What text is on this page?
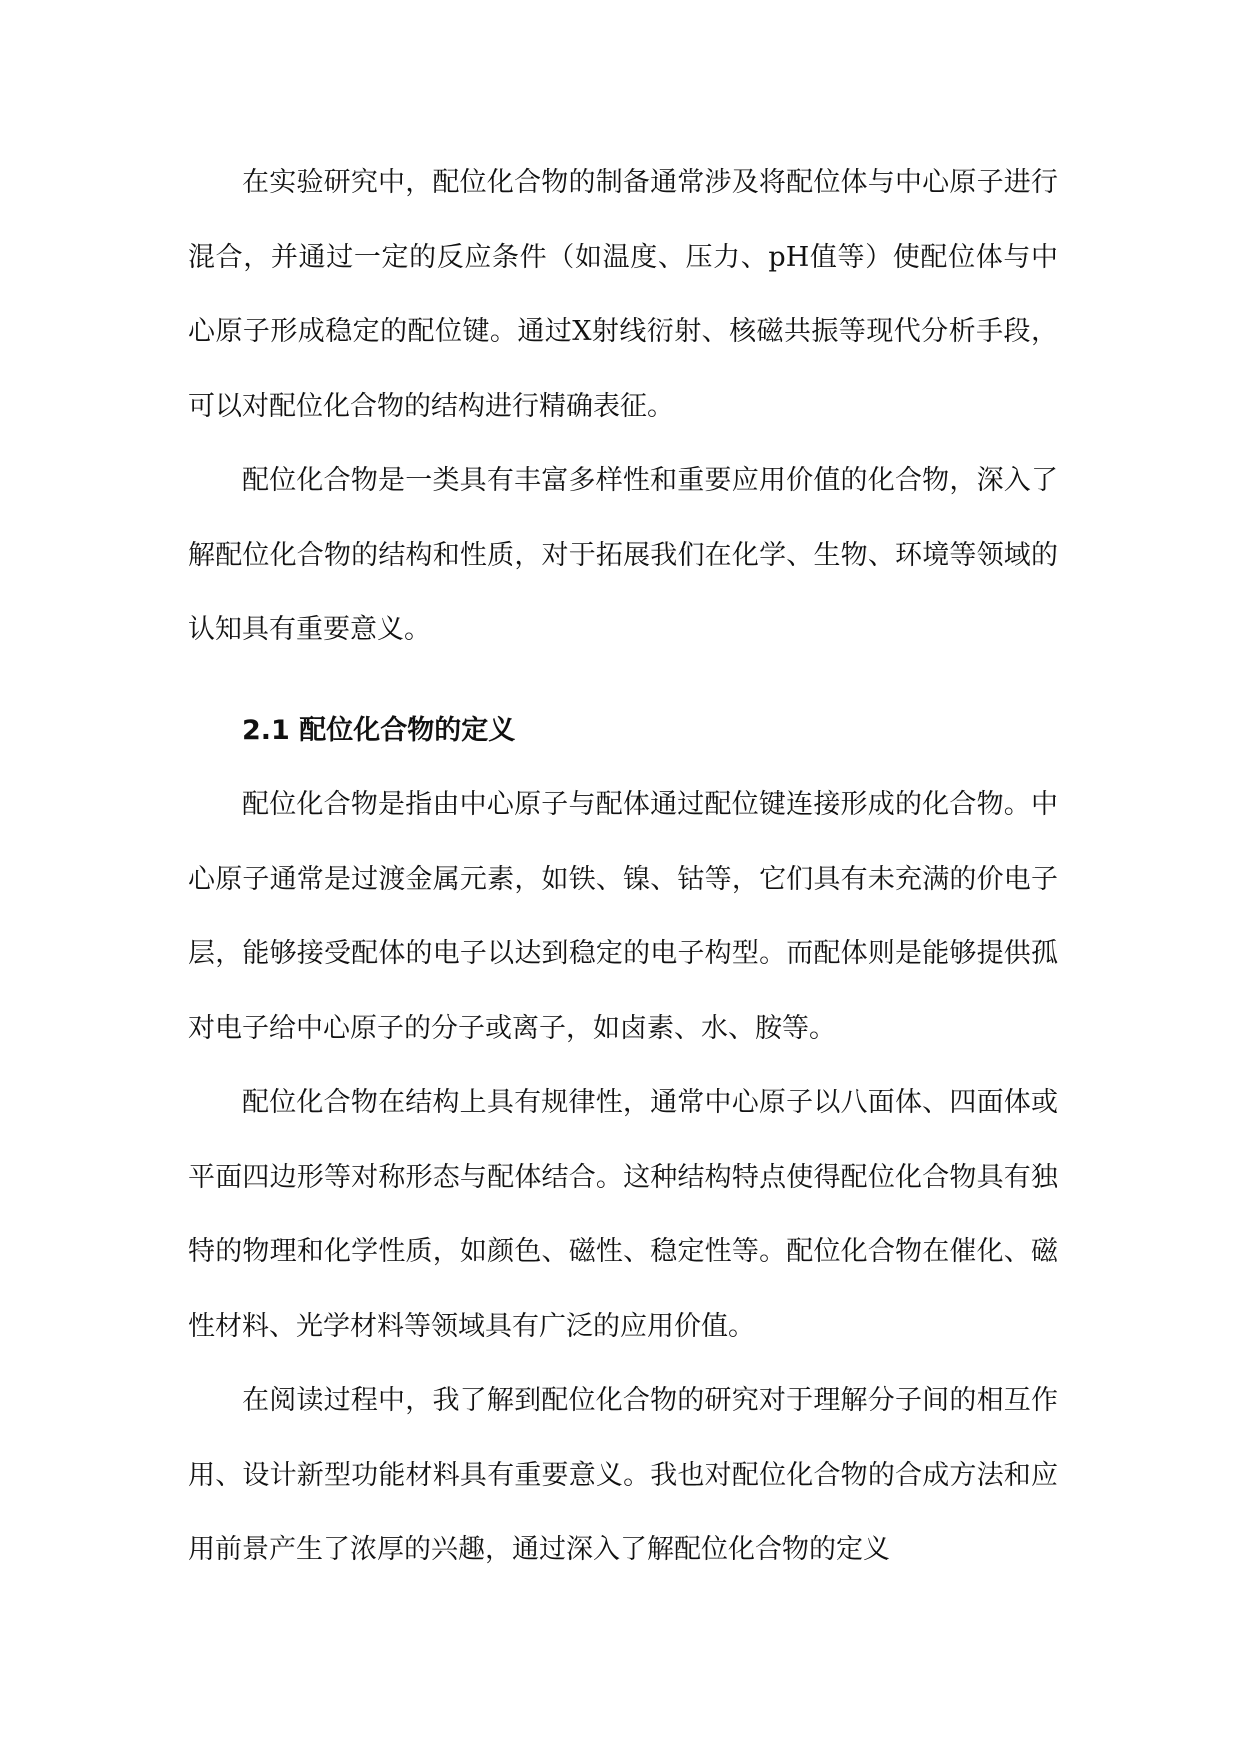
在实验研究中，配位化合物的制备通常涉及将配位体与中心原子进行混合，并通过一定的反应条件（如温度、压力、pH值等）使配位体与中心原子形成稳定的配位键。通过X射线衍射、核磁共振等现代分析手段，可以对配位化合物的结构进行精确表征。

配位化合物是一类具有丰富多样性和重要应用价值的化合物，深入了解配位化合物的结构和性质，对于拓展我们在化学、生物、环境等领域的认知具有重要意义。

2.1 配位化合物的定义

配位化合物是指由中心原子与配体通过配位键连接形成的化合物。中心原子通常是过渡金属元素，如铁、镍、钴等，它们具有未充满的价电子层，能够接受配体的电子以达到稳定的电子构型。而配体则是能够提供孤对电子给中心原子的分子或离子，如卤素、水、胺等。

配位化合物在结构上具有规律性，通常中心原子以八面体、四面体或平面四边形等对称形态与配体结合。这种结构特点使得配位化合物具有独特的物理和化学性质，如颜色、磁性、稳定性等。配位化合物在催化、磁性材料、光学材料等领域具有广泛的应用价值。

在阅读过程中，我了解到配位化合物的研究对于理解分子间的相互作用、设计新型功能材料具有重要意义。我也对配位化合物的合成方法和应用前景产生了浓厚的兴趣，通过深入了解配位化合物的定义
